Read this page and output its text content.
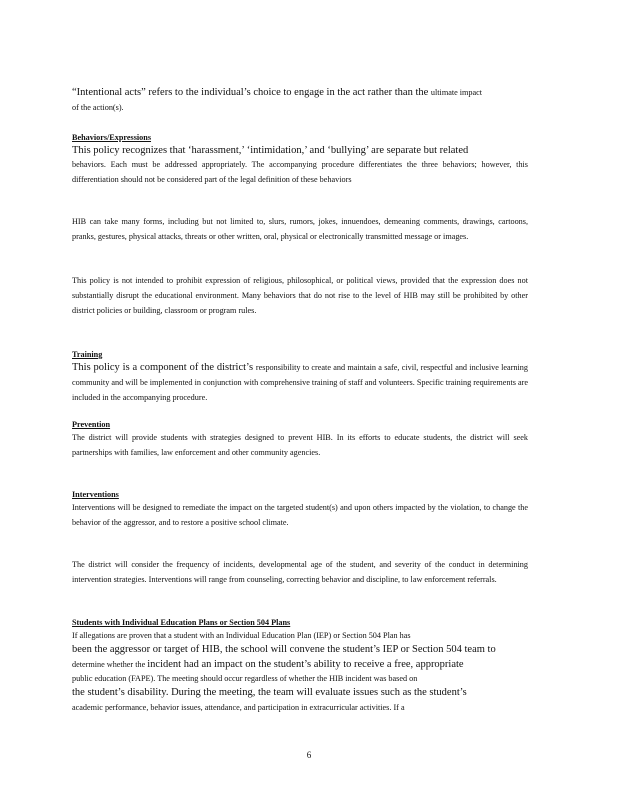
“Intentional acts” refers to the individual’s choice to engage in the act rather than the ultimate impact

of the action(s).

Behaviors/Expressions

This policy recognizes that ‘harassment,’ ‘intimidation,’ and ‘bullying’ are separate but related

behaviors. Each must be addressed appropriately. The accompanying procedure differentiates the three behaviors; however, this differentiation should not be considered part of the legal definition of these behaviors

HIB can take many forms, including but not limited to, slurs, rumors, jokes, innuendoes, demeaning comments, drawings, cartoons, pranks, gestures, physical attacks, threats or other written, oral, physical or electronically transmitted message or images.

This policy is not intended to prohibit expression of religious, philosophical, or political views, provided that the expression does not substantially disrupt the educational environment. Many behaviors that do not rise to the level of HIB may still be prohibited by other district policies or building, classroom or program rules.

Training

This policy is a component of the district’s responsibility to create and maintain a safe, civil, respectful and inclusive learning community and will be implemented in conjunction with comprehensive training of staff and volunteers. Specific training requirements are included in the accompanying procedure.

Prevention

The district will provide students with strategies designed to prevent HIB. In its efforts to educate students, the district will seek partnerships with families, law enforcement and other community agencies.

Interventions

Interventions will be designed to remediate the impact on the targeted student(s) and upon others impacted by the violation, to change the behavior of the aggressor, and to restore a positive school climate.

The district will consider the frequency of incidents, developmental age of the student, and severity of the conduct in determining intervention strategies. Interventions will range from counseling, correcting behavior and discipline, to law enforcement referrals.

Students with Individual Education Plans or Section 504 Plans

If allegations are proven that a student with an Individual Education Plan (IEP) or Section 504 Plan has

been the aggressor or target of HIB, the school will convene the student’s IEP or Section 504 team to

determine whether the incident had an impact on the student’s ability to receive a free, appropriate

public education (FAPE). The meeting should occur regardless of whether the HIB incident was based on

the student’s disability. During the meeting, the team will evaluate issues such as the student’s

academic performance, behavior issues, attendance, and participation in extracurricular activities. If a

6
